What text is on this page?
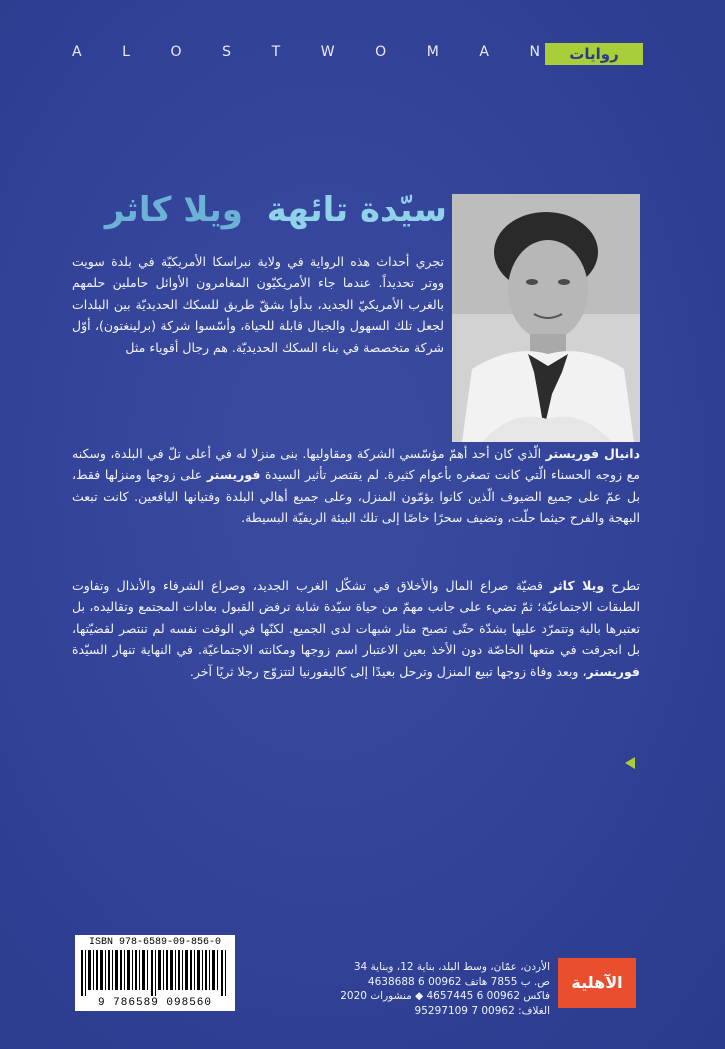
A	L	O	S	T	W	O	M	A	N	روايات
سيّدة تائهة ويلا كاثر
تجري أحداث هذه الرواية في ولاية نبراسكا الأمريكيّة في بلدة سويت ووتر تحديداً. عندما جاء الأمريكيّون المغامرون الأوائل حاملين حلمهم بالغرب الأمريكيّ الجديد، بدأوا بشقّ طريق للسكك الحديديّة بين البلدات لجعل تلك السهول والجبال قابلة للحياة، وأسّسوا شركة (برلينغتون)، أوّل شركة متخصصة في بناء السكك الحديديّة. هم رجال أقوياء مثل
دانيال فوريستر الّذي كان أحد أهمّ مؤسّسي الشركة ومقاوليها. بنى منزلا له في أعلى تلّ في البلدة، وسكنه مع زوجه الحسناء الّتي كانت تصغره بأعوام كثيرة. لم يقتصر تأثير السيدة فوريستر على زوجها ومنزلها فقط، بل عمّ على جميع الضيوف الّذين كانوا يؤمّون المنزل، وعلى جميع أهالي البلدة وفتيانها اليافعين. كانت تبعث البهجة والفرح حيثما حلّت، وتضيف سحرًا خاصًا إلى تلك البيئة الريفيّة البسيطة.
تطرح ويلا كاثر قضيّة صراع المال والأخلاق في تشكّل الغرب الجديد، وصراع الشرفاء والأنذال وتفاوت الطبقات الاجتماعيّة؛ ثمّ تضيء على جانب مهمّ من حياة سيّدة شابة ترفض القبول بعادات المجتمع وتقاليده، بل تعتبرها بالية وتتمرّد عليها بشدّة حتّى تصبح مثار شبهات لدى الجميع. لكنّها في الوقت نفسه لم تنتصر لقضيّتها، بل انجرفت في متعها الخاصّة دون الأخذ بعين الاعتبار اسم زوجها ومكانته الاجتماعيّة. في النهاية تنهار السيّدة فوريستر، وبعد وفاة زوجها تبيع المنزل وترحل بعيدًا إلى كاليفورنيا لتتزوّج رجلا ثريًا آخر.
ISBN 978-6589-09-856-0
9 786589 098560
الأردن، عمّان، وسط البلد، بناية 12، وبناية 34
ص. ب 7855 هاتف 00962 6 4638688
فاكس 00962 6 4657445 ◆ منشورات 2020
الغلاف: 00962 7 95297109
الآهلية
